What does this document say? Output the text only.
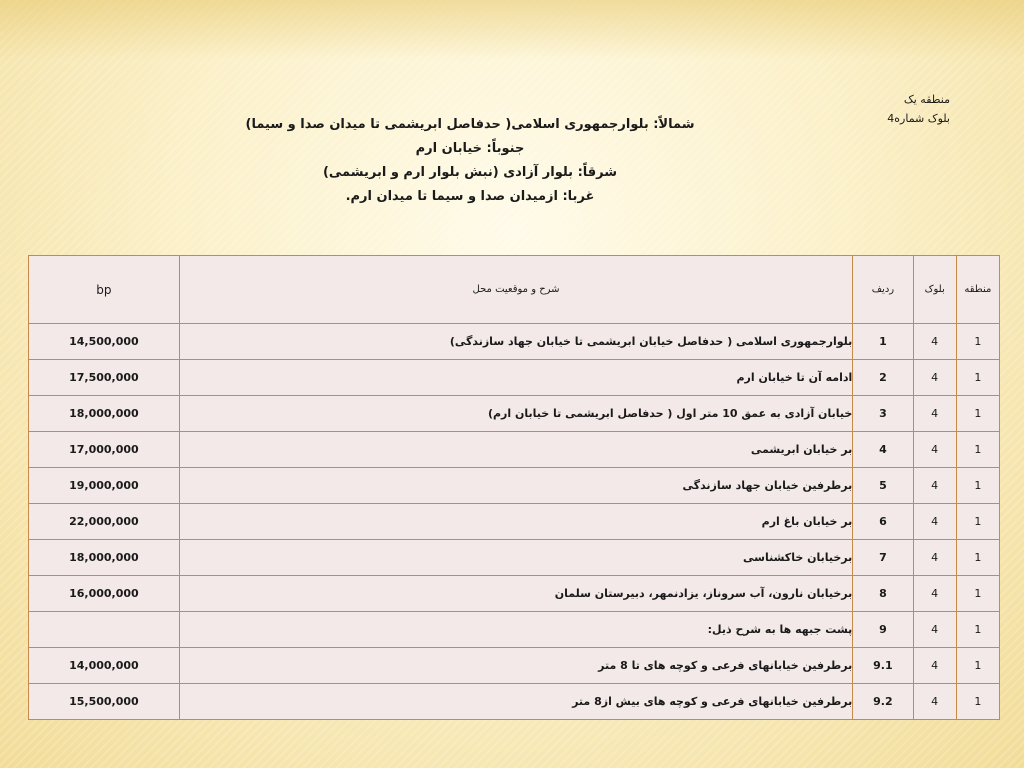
منطقه یک
بلوک شماره4
شمالاً: بلوارجمهوری اسلامی( حدفاصل ابریشمی تا میدان صدا و سیما)
جنوباً: خیابان ارم
شرقاً: بلوار آزادی (نبش بلوار ارم و ابریشمی)
غربا: ازمیدان صدا و سیما تا میدان ارم.
منطقه	بلوک	ردیف	شرح و موقعیت محل	bp
1	4	1	بلوارجمهوری اسلامی ( حدفاصل خیابان ابریشمی تا خیابان جهاد سازندگی)	14,500,000
1	4	2	ادامه آن تا خیابان ارم	17,500,000
1	4	3	خیابان آزادی به عمق 10 متر اول ( حدفاصل ابریشمی تا خیابان ارم)	18,000,000
1	4	4	بر خیابان ابریشمی	17,000,000
1	4	5	برطرفین خیابان جهاد سازندگی	19,000,000
1	4	6	بر خیابان باغ ارم	22,000,000
1	4	7	برخیابان خاکشناسی	18,000,000
1	4	8	برخیابان نارون، آب سروناز، یزادنمهر، دبیرستان سلمان	16,000,000
1	4	9	پشت جبهه ها به شرح ذیل:	
1	4	9.1	برطرفین خیابانهای فرعی و کوچه های تا 8 متر	14,000,000
1	4	9.2	برطرفین خیابانهای فرعی و کوچه های بیش از8 متر	15,500,000
